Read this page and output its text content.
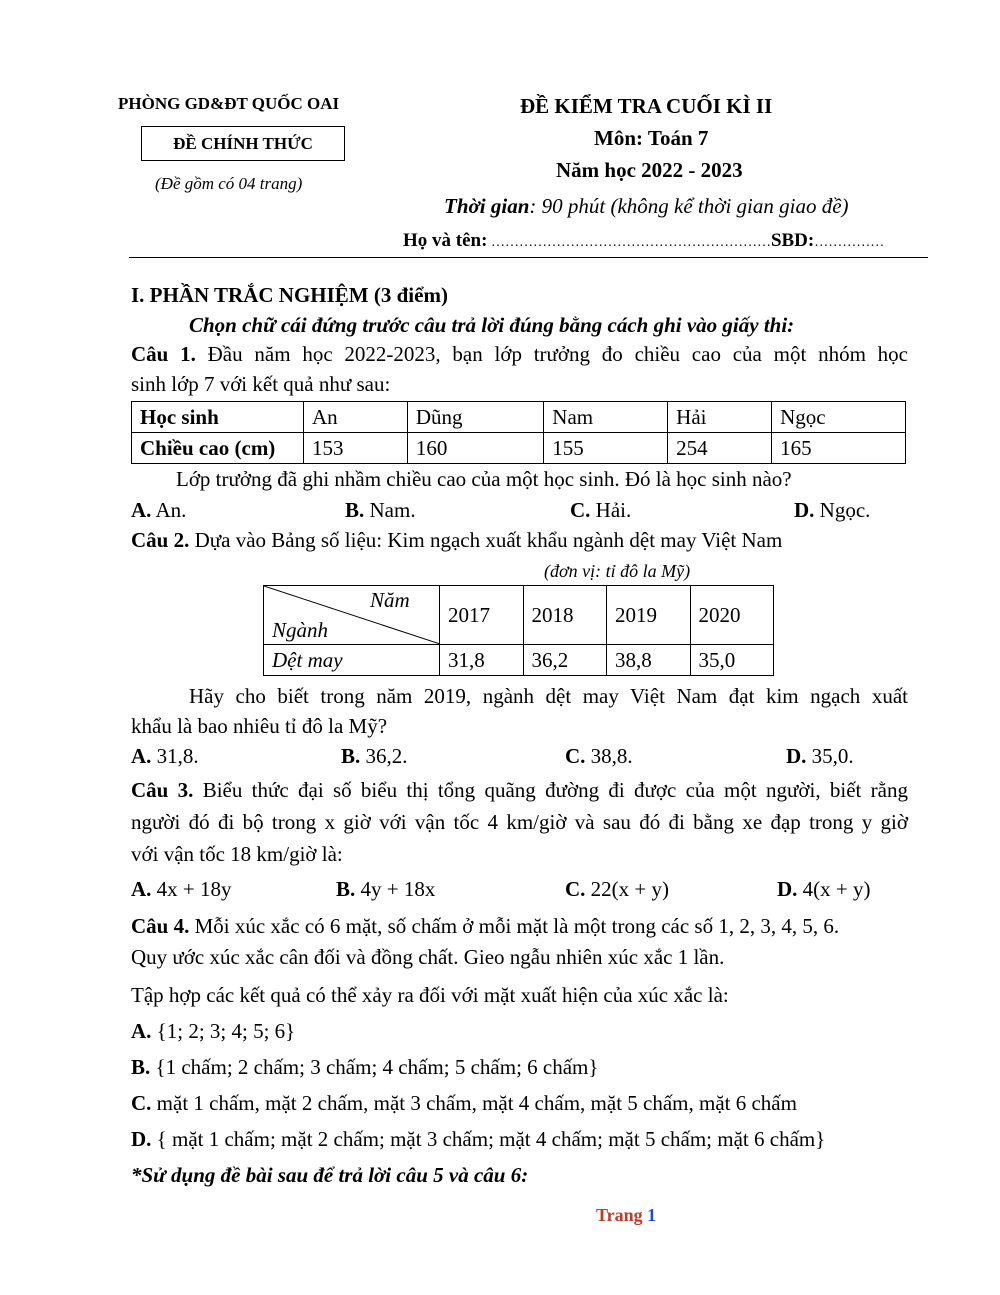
PHÒNG GD&ĐT QUỐC OAI
ĐỀ CHÍNH THỨC
(Đề gồm có 04 trang)
ĐỀ KIỂM TRA CUỐI KÌ II
Môn: Toán 7
Năm học 2022 - 2023
Thời gian: 90 phút (không kể thời gian giao đề)
Họ và tên: ……………………………………………………SBD:……………
I. PHẦN TRẮC NGHIỆM (3 điểm)
Chọn chữ cái đứng trước câu trả lời đúng bằng cách ghi vào giấy thi:
Câu 1. Đầu năm học 2022-2023, bạn lớp trưởng đo chiều cao của một nhóm học
sinh lớp 7 với kết quả như sau:
Học sinh	An	Dũng	Nam	Hải	Ngọc
Chiều cao (cm)	153	160	155	254	165
Lớp trưởng đã ghi nhầm chiều cao của một học sinh. Đó là học sinh nào?
A. An.	B. Nam.	C. Hải.	D. Ngọc.
Câu 2. Dựa vào Bảng số liệu: Kim ngạch xuất khẩu ngành dệt may Việt Nam
(đơn vị: tỉ đô la Mỹ)
Năm
Ngành	2017	2018	2019	2020
Dệt may	31,8	36,2	38,8	35,0
Hãy cho biết trong năm 2019, ngành dệt may Việt Nam đạt kim ngạch xuất
khẩu là bao nhiêu tỉ đô la Mỹ?
A. 31,8.	B. 36,2.	C. 38,8.	D. 35,0.
Câu 3. Biểu thức đại số biểu thị tổng quãng đường đi được của một người, biết rằng
người đó đi bộ trong x giờ với vận tốc 4 km/giờ và sau đó đi bằng xe đạp trong y giờ
với vận tốc 18 km/giờ là:
A. 4x + 18y	B. 4y + 18x	C. 22(x + y)	D. 4(x + y)
Câu 4. Mỗi xúc xắc có 6 mặt, số chấm ở mỗi mặt là một trong các số 1, 2, 3, 4, 5, 6.
Quy ước xúc xắc cân đối và đồng chất. Gieo ngẫu nhiên xúc xắc 1 lần.
Tập hợp các kết quả có thể xảy ra đối với mặt xuất hiện của xúc xắc là:
A. {1; 2; 3; 4; 5; 6}
B. {1 chấm; 2 chấm; 3 chấm; 4 chấm; 5 chấm; 6 chấm}
C. mặt 1 chấm, mặt 2 chấm, mặt 3 chấm, mặt 4 chấm, mặt 5 chấm, mặt 6 chấm
D. { mặt 1 chấm; mặt 2 chấm; mặt 3 chấm; mặt 4 chấm; mặt 5 chấm; mặt 6 chấm}
*Sử dụng đề bài sau để trả lời câu 5 và câu 6:
Trang 1
